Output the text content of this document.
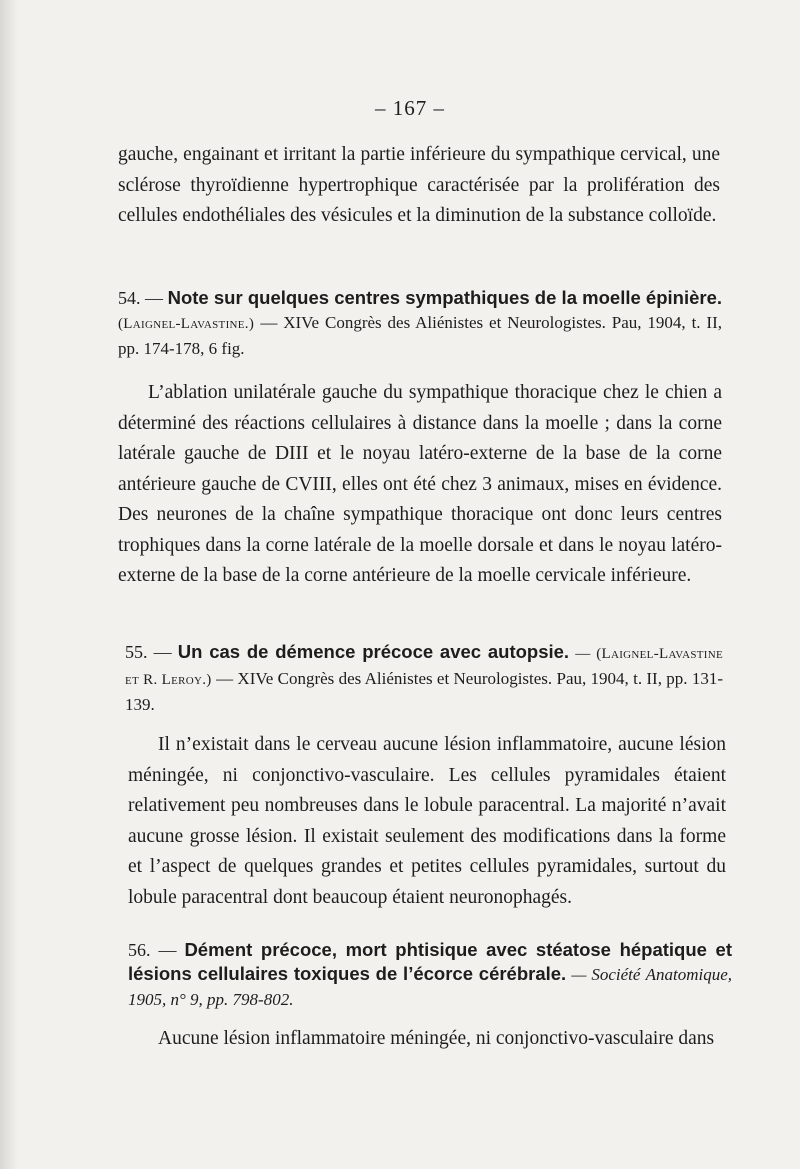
– 167 –

gauche, engainant et irritant la partie inférieure du sympathique cervical, une sclérose thyroïdienne hypertrophique caractérisée par la prolifération des cellules endothéliales des vésicules et la diminution de la substance colloïde.

54. — Note sur quelques centres sympathiques de la moelle épinière. (Laignel-Lavastine.) — XIVe Congrès des Aliénistes et Neurologistes. Pau, 1904, t. II, pp. 174-178, 6 fig.

L’ablation unilatérale gauche du sympathique thoracique chez le chien a déterminé des réactions cellulaires à distance dans la moelle ; dans la corne latérale gauche de DIII et le noyau latéro-externe de la base de la corne antérieure gauche de CVIII, elles ont été chez 3 animaux, mises en évidence. Des neurones de la chaîne sympathique thoracique ont donc leurs centres trophiques dans la corne latérale de la moelle dorsale et dans le noyau latéro-externe de la base de la corne antérieure de la moelle cervicale inférieure.

55. — Un cas de démence précoce avec autopsie. — (Laignel-Lavastine et R. Leroy.) — XIVe Congrès des Aliénistes et Neurologistes. Pau, 1904, t. II, pp. 131-139.

Il n’existait dans le cerveau aucune lésion inflammatoire, aucune lésion méningée, ni conjonctivo-vasculaire. Les cellules pyramidales étaient relativement peu nombreuses dans le lobule paracentral. La majorité n’avait aucune grosse lésion. Il existait seulement des modifications dans la forme et l’aspect de quelques grandes et petites cellules pyramidales, surtout du lobule paracentral dont beaucoup étaient neuronophagés.

56. — Dément précoce, mort phtisique avec stéatose hépatique et lésions cellulaires toxiques de l’écorce cérébrale. — Société Anatomique, 1905, n° 9, pp. 798-802.

Aucune lésion inflammatoire méningée, ni conjonctivo-vasculaire dans
